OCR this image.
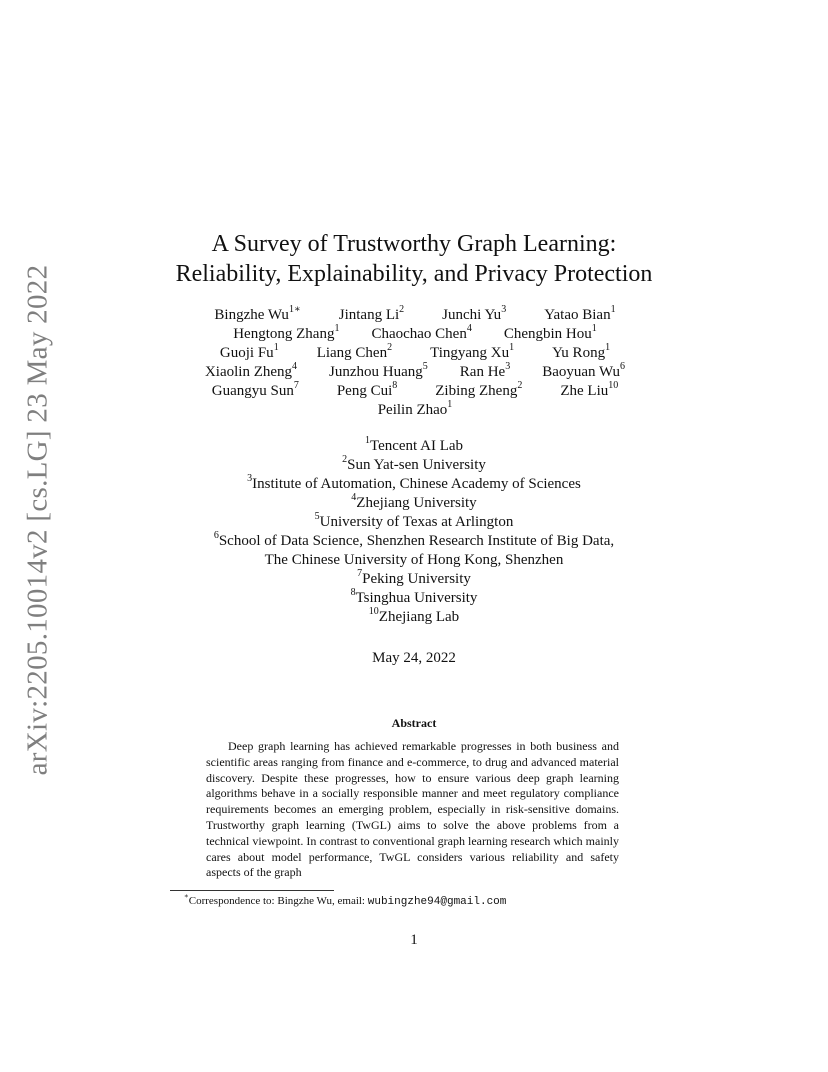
arXiv:2205.10014v2 [cs.LG] 23 May 2022
A Survey of Trustworthy Graph Learning:
Reliability, Explainability, and Privacy Protection
Bingzhe $Wu^{1∗}$	Jintang Li$^2$	Junchi Yu$^3$	Yatao Bian$^1$
Hengtong Zhang$^1$ Chaochao Chen$^4$ Chengbin Hou$^1$
Guoji Fu$^1$	Liang Chen$^2$	Tingyang Xu$^1$	Yu Rong$^1$
Xiaolin Zheng$^4$ Junzhou Huang$^5$ Ran He$^3$ Baoyuan Wu$^6$
Guangyu Sun$^7$	Peng Cui$^8$	Zibing Zheng$^2$	Zhe Liu$^{10}$
Peilin Zhao$^1$
$^1$Tencent AI Lab
$^2$Sun Yat-sen University
$^3$Institute of Automation, Chinese Academy of Sciences
$^4$Zhejiang University
$^5$University of Texas at Arlington
$^6$School of Data Science, Shenzhen Research Institute of Big Data,
The Chinese University of Hong Kong, Shenzhen
$^7$Peking University
$^8$Tsinghua University
$^{10}$Zhejiang Lab
May 24, 2022
Abstract

Deep graph learning has achieved remarkable progresses in both business and scientific areas ranging from finance and e-commerce, to drug and advanced material discovery. Despite these progresses, how to ensure various deep graph learning algorithms behave in a socially responsible manner and meet regulatory compliance requirements becomes an emerging problem, especially in risk-sensitive domains. Trustworthy graph learning (TwGL) aims to solve the above problems from a technical viewpoint. In contrast to conventional graph learning research which mainly cares about model performance, TwGL considers various reliability and safety aspects of the graph

∗Correspondence to: Bingzhe Wu, email: wubingzhe94@gmail.com
1
